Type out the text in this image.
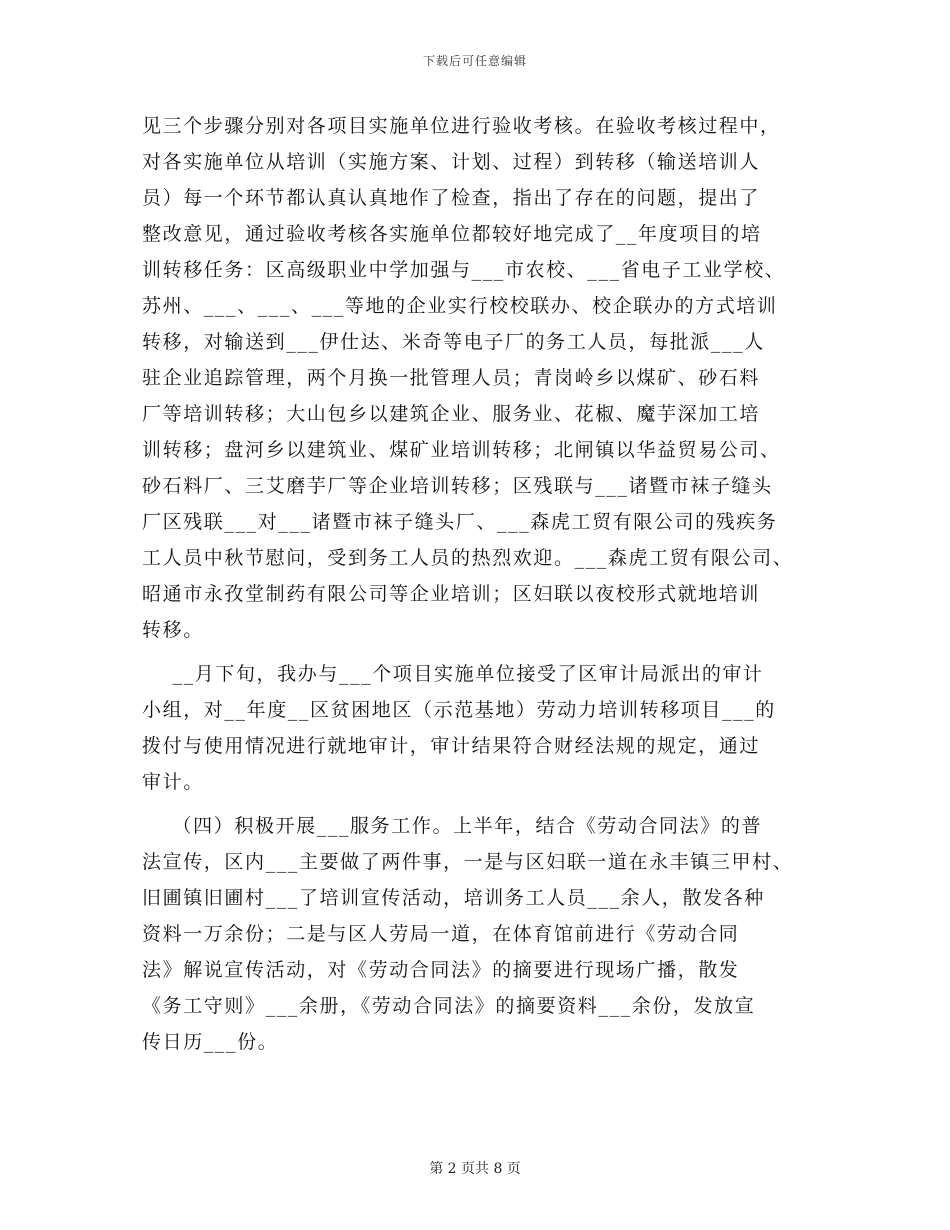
下载后可任意编辑
见三个步骤分别对各项目实施单位进行验收考核。在验收考核过程中，
对各实施单位从培训（实施方案、计划、过程）到转移（输送培训人
员）每一个环节都认真认真地作了检查，指出了存在的问题，提出了
整改意见，通过验收考核各实施单位都较好地完成了__年度项目的培
训转移任务：区高级职业中学加强与___市农校、___省电子工业学校、
苏州、___、___、___等地的企业实行校校联办、校企联办的方式培训
转移，对输送到___伊仕达、米奇等电子厂的务工人员，每批派___人
驻企业追踪管理，两个月换一批管理人员；青岗岭乡以煤矿、砂石料
厂等培训转移；大山包乡以建筑企业、服务业、花椒、魔芋深加工培
训转移；盘河乡以建筑业、煤矿业培训转移；北闸镇以华益贸易公司、
砂石料厂、三艾磨芋厂等企业培训转移；区残联与___诸暨市袜子缝头
厂区残联___对___诸暨市袜子缝头厂、___森虎工贸有限公司的残疾务
工人员中秋节慰问，受到务工人员的热烈欢迎。___森虎工贸有限公司、
昭通市永孜堂制药有限公司等企业培训；区妇联以夜校形式就地培训
转移。
__月下旬，我办与___个项目实施单位接受了区审计局派出的审计
小组，对__年度__区贫困地区（示范基地）劳动力培训转移项目___的
拨付与使用情况进行就地审计，审计结果符合财经法规的规定，通过
审计。
（四）积极开展___服务工作。上半年，结合《劳动合同法》的普
法宣传，区内___主要做了两件事，一是与区妇联一道在永丰镇三甲村、
旧圃镇旧圃村___了培训宣传活动，培训务工人员___余人，散发各种
资料一万余份；二是与区人劳局一道，在体育馆前进行《劳动合同
法》解说宣传活动，对《劳动合同法》的摘要进行现场广播，散发
《务工守则》___余册，《劳动合同法》的摘要资料___余份，发放宣
传日历___份。
第 2 页共 8 页
